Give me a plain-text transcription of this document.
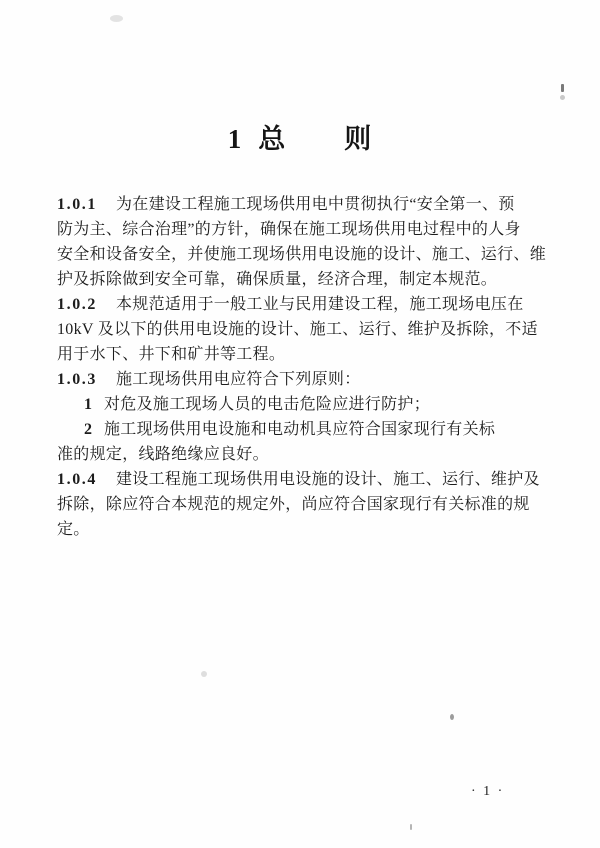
1 总 则
1.0.1 为在建设工程施工现场供用电中贯彻执行“安全第一、预
防为主、综合治理”的方针，确保在施工现场供用电过程中的人身
安全和设备安全，并使施工现场供用电设施的设计、施工、运行、维
护及拆除做到安全可靠，确保质量，经济合理，制定本规范。
1.0.2 本规范适用于一般工业与民用建设工程，施工现场电压在
10kV 及以下的供用电设施的设计、施工、运行、维护及拆除，不适
用于水下、井下和矿井等工程。
1.0.3 施工现场供用电应符合下列原则：
1 对危及施工现场人员的电击危险应进行防护；
2 施工现场供用电设施和电动机具应符合国家现行有关标
准的规定，线路绝缘应良好。
1.0.4 建设工程施工现场供用电设施的设计、施工、运行、维护及
拆除，除应符合本规范的规定外，尚应符合国家现行有关标准的规
定。
· 1 ·
